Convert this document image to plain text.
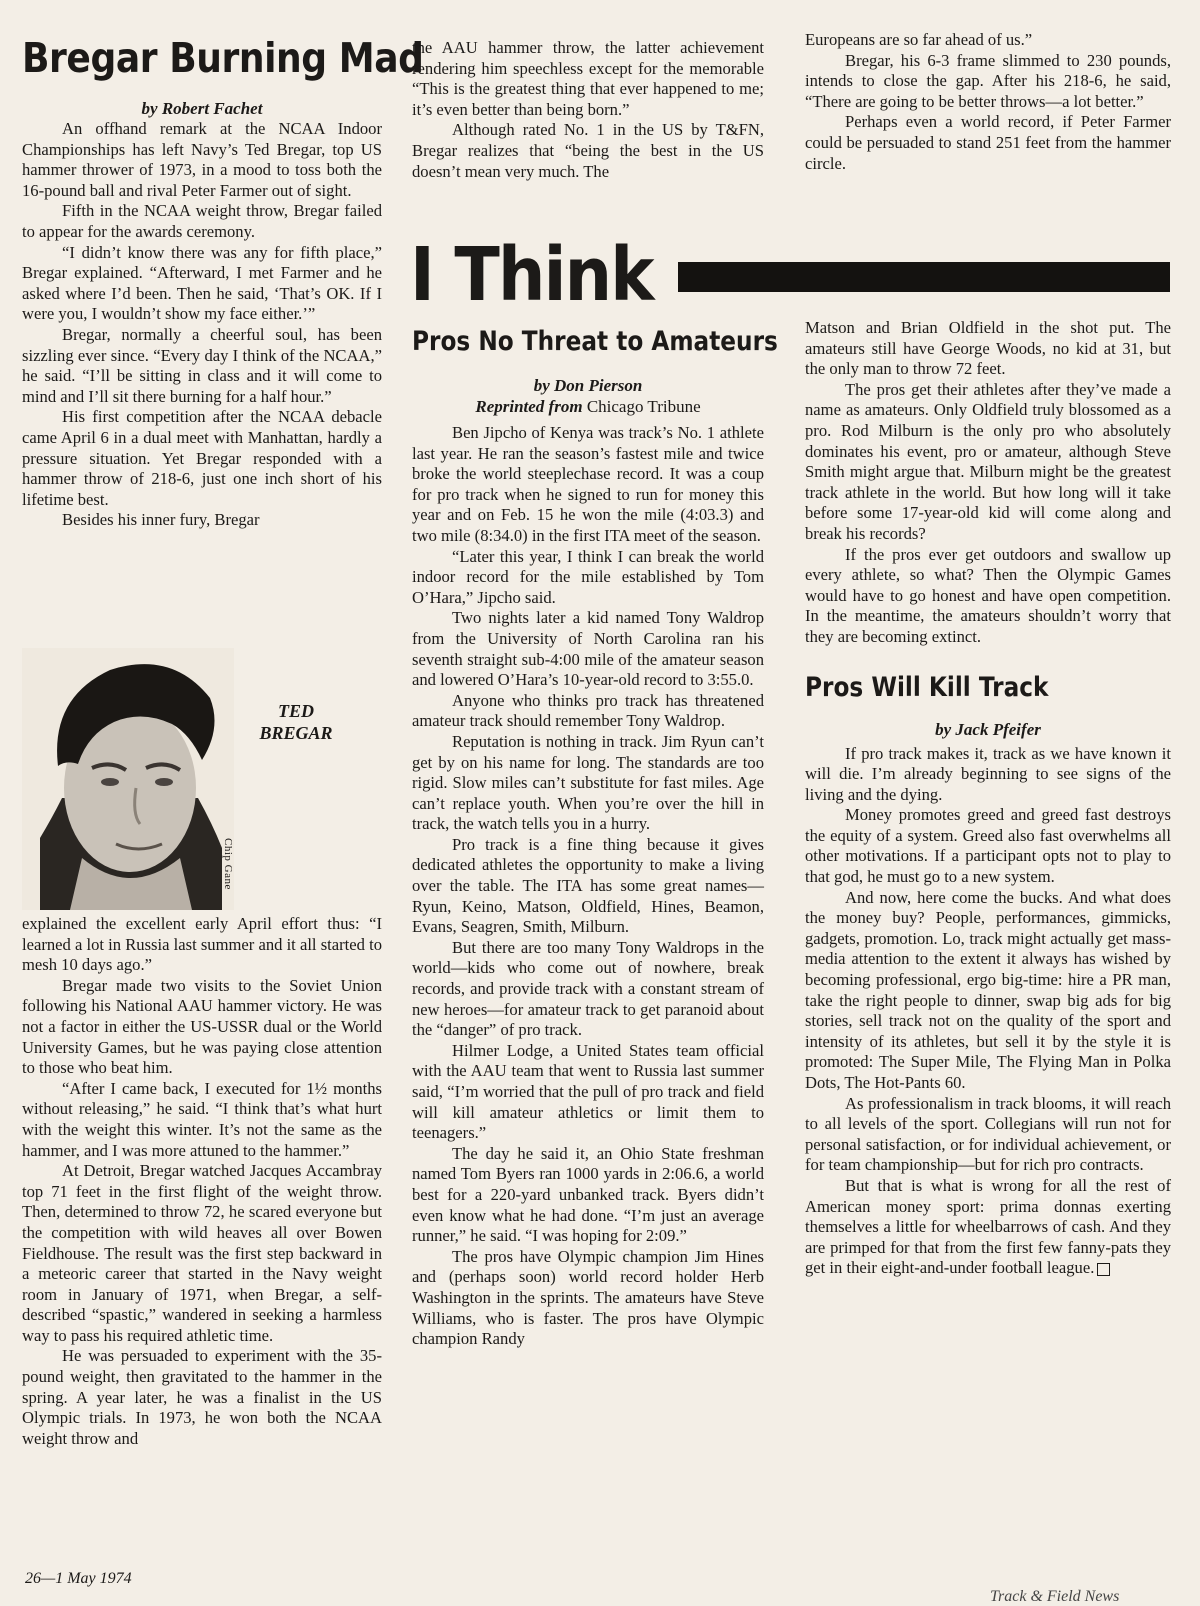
Bregar Burning Mad

by Robert Fachet

An offhand remark at the NCAA Indoor Championships has left Navy’s Ted Bregar, top US hammer thrower of 1973, in a mood to toss both the 16-pound ball and rival Peter Farmer out of sight.

Fifth in the NCAA weight throw, Bregar failed to appear for the awards ceremony.

“I didn’t know there was any for fifth place,” Bregar explained. “Afterward, I met Farmer and he asked where I’d been. Then he said, ‘That’s OK. If I were you, I wouldn’t show my face either.’”

Bregar, normally a cheerful soul, has been sizzling ever since. “Every day I think of the NCAA,” he said. “I’ll be sitting in class and it will come to mind and I’ll sit there burning for a half hour.”

His first competition after the NCAA debacle came April 6 in a dual meet with Manhattan, hardly a pressure situation. Yet Bregar responded with a hammer throw of 218-6, just one inch short of his lifetime best.

Besides his inner fury, Bregar

TED
BREGAR
Chip Gane

explained the excellent early April effort thus: “I learned a lot in Russia last summer and it all started to mesh 10 days ago.”

Bregar made two visits to the Soviet Union following his National AAU hammer victory. He was not a factor in either the US-USSR dual or the World University Games, but he was paying close attention to those who beat him.

“After I came back, I executed for 1½ months without releasing,” he said. “I think that’s what hurt with the weight this winter. It’s not the same as the hammer, and I was more attuned to the hammer.”

At Detroit, Bregar watched Jacques Accambray top 71 feet in the first flight of the weight throw. Then, determined to throw 72, he scared everyone but the competition with wild heaves all over Bowen Fieldhouse. The result was the first step backward in a meteoric career that started in the Navy weight room in January of 1971, when Bregar, a self-described “spastic,” wandered in seeking a harmless way to pass his required athletic time.

He was persuaded to experiment with the 35-pound weight, then gravitated to the hammer in the spring. A year later, he was a finalist in the US Olympic trials. In 1973, he won both the NCAA weight throw and

the AAU hammer throw, the latter achievement rendering him speechless except for the memorable “This is the greatest thing that ever happened to me; it’s even better than being born.”

Although rated No. 1 in the US by T&FN, Bregar realizes that “being the best in the US doesn’t mean very much. The

I Think
Pros No Threat to Amateurs

by Don Pierson

Reprinted from Chicago Tribune

Ben Jipcho of Kenya was track’s No. 1 athlete last year. He ran the season’s fastest mile and twice broke the world steeplechase record. It was a coup for pro track when he signed to run for money this year and on Feb. 15 he won the mile (4:03.3) and two mile (8:34.0) in the first ITA meet of the season.

“Later this year, I think I can break the world indoor record for the mile established by Tom O’Hara,” Jipcho said.

Two nights later a kid named Tony Waldrop from the University of North Carolina ran his seventh straight sub-4:00 mile of the amateur season and lowered O’Hara’s 10-year-old record to 3:55.0.

Anyone who thinks pro track has threatened amateur track should remember Tony Waldrop.

Reputation is nothing in track. Jim Ryun can’t get by on his name for long. The standards are too rigid. Slow miles can’t substitute for fast miles. Age can’t replace youth. When you’re over the hill in track, the watch tells you in a hurry.

Pro track is a fine thing because it gives dedicated athletes the opportunity to make a living over the table. The ITA has some great names—Ryun, Keino, Matson, Oldfield, Hines, Beamon, Evans, Seagren, Smith, Milburn.

But there are too many Tony Waldrops in the world—kids who come out of nowhere, break records, and provide track with a constant stream of new heroes—for amateur track to get paranoid about the “danger” of pro track.

Hilmer Lodge, a United States team official with the AAU team that went to Russia last summer said, “I’m worried that the pull of pro track and field will kill amateur athletics or limit them to teenagers.”

The day he said it, an Ohio State freshman named Tom Byers ran 1000 yards in 2:06.6, a world best for a 220-yard unbanked track. Byers didn’t even know what he had done. “I’m just an average runner,” he said. “I was hoping for 2:09.”

The pros have Olympic champion Jim Hines and (perhaps soon) world record holder Herb Washington in the sprints. The amateurs have Steve Williams, who is faster. The pros have Olympic champion Randy

Europeans are so far ahead of us.”

Bregar, his 6-3 frame slimmed to 230 pounds, intends to close the gap. After his 218-6, he said, “There are going to be better throws—a lot better.”

Perhaps even a world record, if Peter Farmer could be persuaded to stand 251 feet from the hammer circle.

Matson and Brian Oldfield in the shot put. The amateurs still have George Woods, no kid at 31, but the only man to throw 72 feet.

The pros get their athletes after they’ve made a name as amateurs. Only Oldfield truly blossomed as a pro. Rod Milburn is the only pro who absolutely dominates his event, pro or amateur, although Steve Smith might argue that. Milburn might be the greatest track athlete in the world. But how long will it take before some 17-year-old kid will come along and break his records?

If the pros ever get outdoors and swallow up every athlete, so what? Then the Olympic Games would have to go honest and have open competition. In the meantime, the amateurs shouldn’t worry that they are becoming extinct.

Pros Will Kill Track

by Jack Pfeifer

If pro track makes it, track as we have known it will die. I’m already beginning to see signs of the living and the dying.

Money promotes greed and greed fast destroys the equity of a system. Greed also fast overwhelms all other motivations. If a participant opts not to play to that god, he must go to a new system.

And now, here come the bucks. And what does the money buy? People, performances, gimmicks, gadgets, promotion. Lo, track might actually get mass-media attention to the extent it always has wished by becoming professional, ergo big-time: hire a PR man, take the right people to dinner, swap big ads for big stories, sell track not on the quality of the sport and intensity of its athletes, but sell it by the style it is promoted: The Super Mile, The Flying Man in Polka Dots, The Hot-Pants 60.

As professionalism in track blooms, it will reach to all levels of the sport. Collegians will run not for personal satisfaction, or for individual achievement, or for team championship—but for rich pro contracts.

But that is what is wrong for all the rest of American money sport: prima donnas exerting themselves a little for wheelbarrows of cash. And they are primped for that from the first few fanny-pats they get in their eight-and-under football league.

26—1 May 1974
Track & Field News
